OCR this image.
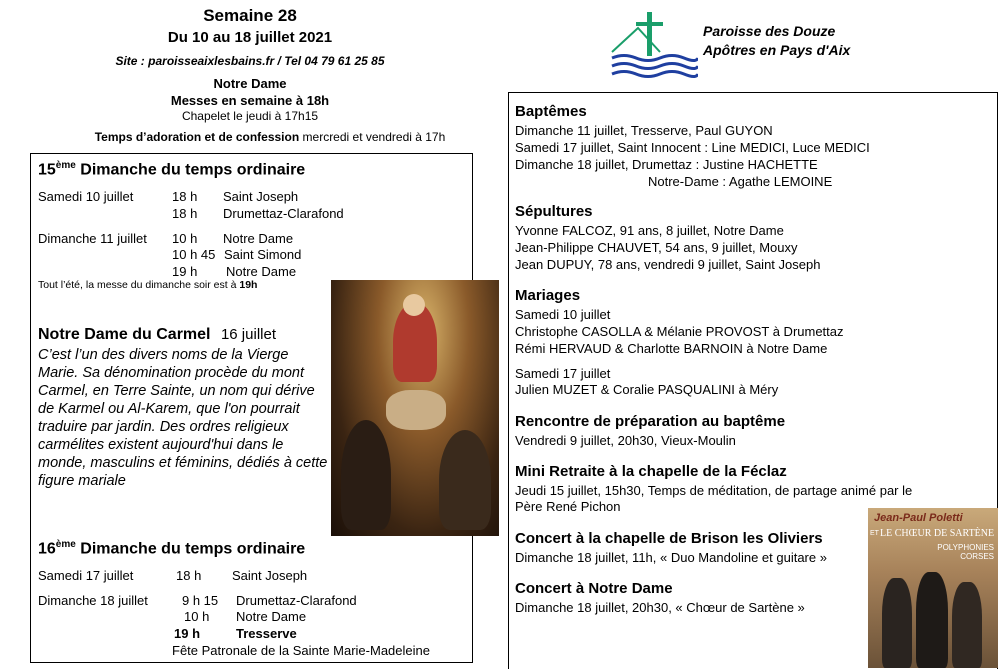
Semaine 28
Du 10 au 18 juillet 2021
Site : paroisseaixlesbains.fr / Tel 04 79 61 25 85
Notre Dame
Messes en semaine à 18h
Chapelet le jeudi à 17h15
Temps d’adoration et de confession mercredi et vendredi à 17h
Paroisse des Douze
Apôtres en Pays d'Aix
15ème Dimanche du temps ordinaire
Samedi 10 juillet	18 h Saint Joseph
18 h Drumettaz-Clarafond
Dimanche 11 juillet 10 h Notre Dame
10 h 45 Saint Simond
19 h Notre Dame
Tout l’été, la messe du dimanche soir est à 19h
Notre Dame du Carmel 16 juillet
C’est l’un des divers noms de la Vierge Marie. Sa dénomination procède du mont Carmel, en Terre Sainte, un nom qui dérive de Karmel ou Al-Karem, que l'on pourrait traduire par jardin. Des ordres religieux carmélites existent aujourd'hui dans le monde, masculins et féminins, dédiés à cette figure mariale
16ème Dimanche du temps ordinaire
Samedi 17 juillet	18 h Saint Joseph
Dimanche 18 juillet	9 h 15 Drumettaz-Clarafond
10 h Notre Dame
19 h	Tresserve
Fête Patronale de la Sainte Marie-Madeleine
Baptêmes
Dimanche 11 juillet, Tresserve, Paul GUYON
Samedi 17 juillet, Saint Innocent : Line MEDICI, Luce MEDICI
Dimanche 18 juillet, Drumettaz : Justine HACHETTE
Notre-Dame : Agathe LEMOINE
Sépultures
Yvonne FALCOZ, 91 ans, 8 juillet, Notre Dame
Jean-Philippe CHAUVET, 54 ans, 9 juillet, Mouxy
Jean DUPUY, 78 ans, vendredi 9 juillet, Saint Joseph
Mariages
Samedi 10 juillet
Christophe CASOLLA & Mélanie PROVOST à Drumettaz
Rémi HERVAUD & Charlotte BARNOIN à Notre Dame
Samedi 17 juillet
Julien MUZET & Coralie PASQUALINI à Méry
Rencontre de préparation au baptême
Vendredi 9 juillet, 20h30, Vieux-Moulin
Mini Retraite à la chapelle de la Féclaz
Jeudi 15 juillet, 15h30, Temps de méditation, de partage animé par le
Père René Pichon
Concert à la chapelle de Brison les Oliviers
Dimanche 18 juillet, 11h, « Duo Mandoline et guitare »
Concert à Notre Dame
Dimanche 18 juillet, 20h30, « Chœur de Sartène »
Jean-Paul Poletti
ET LE CHŒUR DE SARTÈNE
POLYPHONIES
CORSES
